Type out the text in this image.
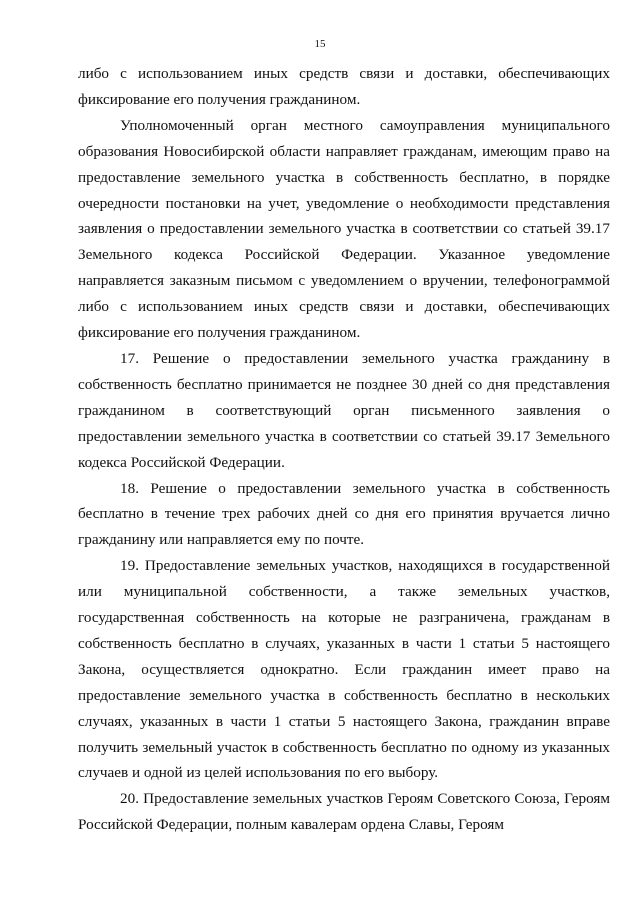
15

либо с использованием иных средств связи и доставки, обеспечивающих фиксирование его получения гражданином.

Уполномоченный орган местного самоуправления муниципального образования Новосибирской области направляет гражданам, имеющим право на предоставление земельного участка в собственность бесплатно, в порядке очередности постановки на учет, уведомление о необходимости представления заявления о предоставлении земельного участка в соответствии со статьей 39.17 Земельного кодекса Российской Федерации. Указанное уведомление направляется заказным письмом с уведомлением о вручении, телефонограммой либо с использованием иных средств связи и доставки, обеспечивающих фиксирование его получения гражданином.

17. Решение о предоставлении земельного участка гражданину в собственность бесплатно принимается не позднее 30 дней со дня представления гражданином в соответствующий орган письменного заявления о предоставлении земельного участка в соответствии со статьей 39.17 Земельного кодекса Российской Федерации.

18. Решение о предоставлении земельного участка в собственность бесплатно в течение трех рабочих дней со дня его принятия вручается лично гражданину или направляется ему по почте.

19. Предоставление земельных участков, находящихся в государственной или муниципальной собственности, а также земельных участков, государственная собственность на которые не разграничена, гражданам в собственность бесплатно в случаях, указанных в части 1 статьи 5 настоящего Закона, осуществляется однократно. Если гражданин имеет право на предоставление земельного участка в собственность бесплатно в нескольких случаях, указанных в части 1 статьи 5 настоящего Закона, гражданин вправе получить земельный участок в собственность бесплатно по одному из указанных случаев и одной из целей использования по его выбору.

20. Предоставление земельных участков Героям Советского Союза, Героям Российской Федерации, полным кавалерам ордена Славы, Героям
